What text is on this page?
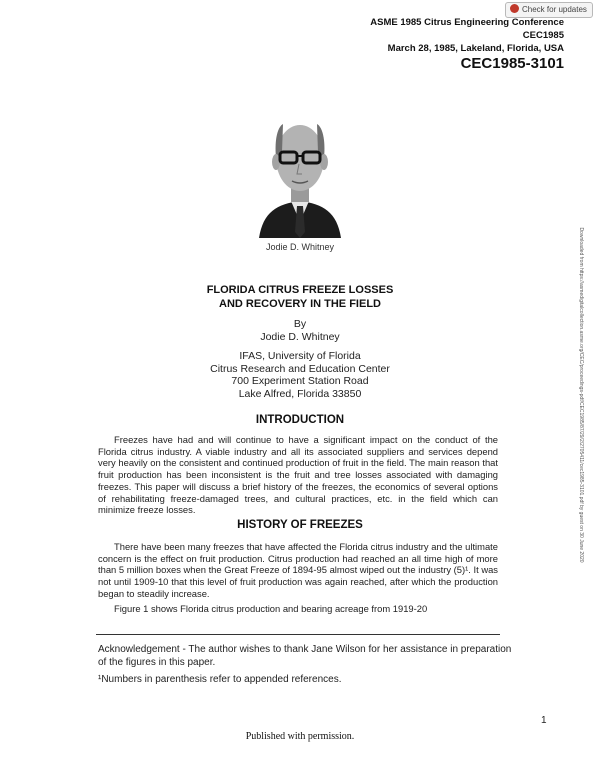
Check for updates
ASME 1985 Citrus Engineering Conference
CEC1985
March 28, 1985, Lakeland, Florida, USA
CEC1985-3101
Jodie D. Whitney
FLORIDA CITRUS FREEZE LOSSES
AND RECOVERY IN THE FIELD
By
Jodie D. Whitney
IFAS, University of Florida
Citrus Research and Education Center
700 Experiment Station Road
Lake Alfred, Florida 33850
INTRODUCTION
Freezes have had and will continue to have a significant impact on the conduct of the Florida citrus industry. A viable industry and all its associated suppliers and services depend very heavily on the consistent and continued production of fruit in the field. The main reason that fruit production has been inconsistent is the fruit and tree losses associated with damaging freezes. This paper will discuss a brief history of the freezes, the economics of several options of rehabilitating freeze-damaged trees, and cultural practices, etc. in the field which can minimize freeze losses.
HISTORY OF FREEZES
There have been many freezes that have affected the Florida citrus industry and the ultimate concern is the effect on fruit production. Citrus production had reached an all time high of more than 5 million boxes when the Great Freeze of 1894-95 almost wiped out the industry (5)¹. It was not until 1909-10 that this level of fruit production was again reached, after which the production began to steadily increase.
Figure 1 shows Florida citrus production and bearing acreage from 1919-20
Acknowledgement - The author wishes to thank Jane Wilson for her assistance in preparation of the figures in this paper.
¹Numbers in parenthesis refer to appended references.
1
Published with permission.
Downloaded from https://asmedigitalcollection.asme.org/CEC/proceedings-pdf/CEC1985/87/29/2/2705411/cec1985-3101.pdf by guest on 30 June 2020
